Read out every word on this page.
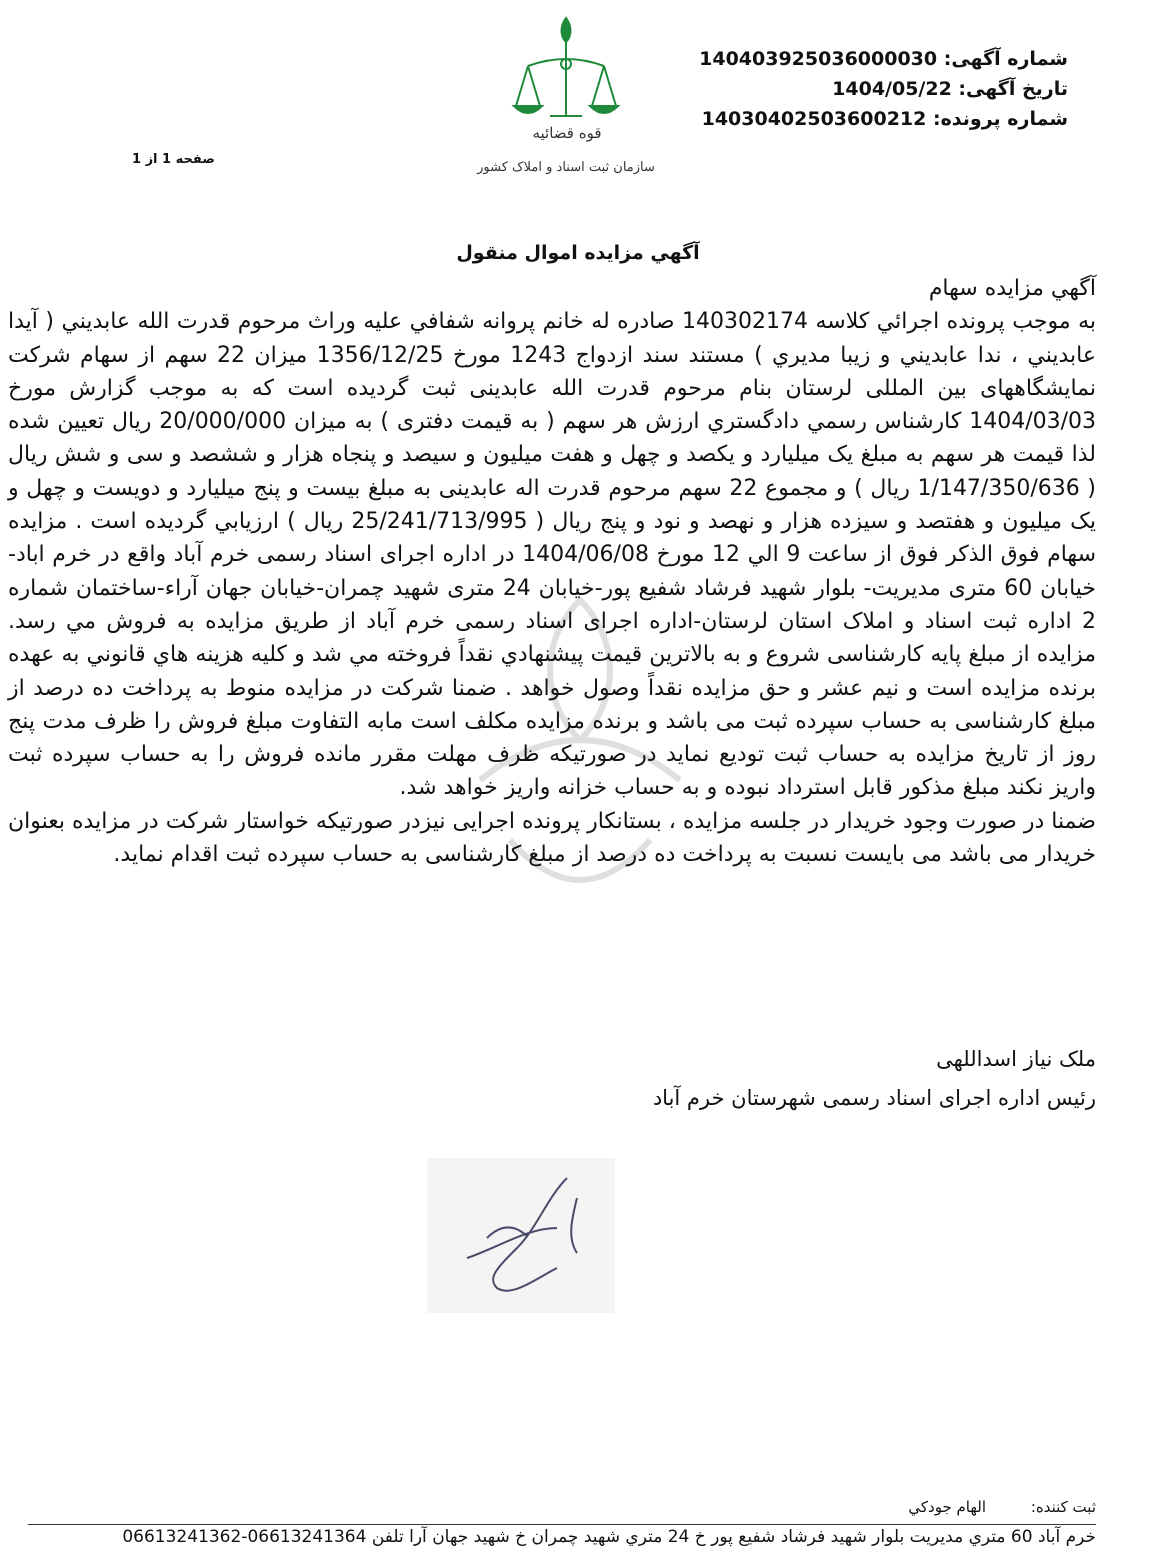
قوه قضائیه
سازمان ثبت اسناد و املاک کشور
شماره آگهی: 140403925036000030
تاریخ آگهی: 1404/05/22
شماره پرونده: 14030402503600212
صفحه 1 از 1
آگهي مزايده اموال منقول

آگهي مزايده سهام

به موجب پرونده اجرائي كلاسه 140302174 صادره له خانم پروانه شفافي عليه وراث مرحوم قدرت الله عابديني ( آيدا عابديني ، ندا عابديني و زيبا مديري ) مستند سند ازدواج 1243 مورخ 1356/12/25 ميزان 22 سهم از سهام شرکت نمایشگاههای بین المللی لرستان بنام مرحوم قدرت الله عابدینی ثبت گرديده است كه به موجب گزارش مورخ 1404/03/03 كارشناس رسمي دادگستري ارزش هر سهم ( به قیمت دفتری ) به ميزان 20/000/000 ريال تعيين شده لذا قیمت هر سهم به مبلغ یک میلیارد و یکصد و چهل و هفت میلیون و سیصد و پنجاه هزار و ششصد و سی و شش ریال ( 1/147/350/636 ريال ) و مجموع 22 سهم مرحوم قدرت اله عابدینی به مبلغ بیست و پنج میلیارد و دویست و چهل و یک میلیون و هفتصد و سیزده هزار و نهصد و نود و پنج ریال ( 25/241/713/995 ريال ) ارزيابي گرديده است . مزايده سهام فوق الذكر فوق از ساعت 9 الي 12 مورخ 1404/06/08 در اداره اجرای اسناد رسمی خرم آباد واقع در خرم اباد- خیابان 60 متری مدیریت- بلوار شهید فرشاد شفیع پور-خیابان 24 متری شهید چمران-خیابان جهان آراء-ساختمان شماره 2 اداره ثبت اسناد و املاک استان لرستان-اداره اجرای اسناد رسمی خرم آباد از طريق مزايده به فروش مي رسد. مزایده از مبلغ پایه کارشناسی شروع و به بالاترين قيمت پيشنهادي نقداً فروخته مي شد و كليه هزينه هاي قانوني به عهده برنده مزايده است و نیم عشر و حق مزايده نقداً وصول خواهد . ضمنا شرکت در مزایده منوط به پرداخت ده درصد از مبلغ کارشناسی به حساب سپرده ثبت می باشد و برنده مزایده مکلف است مابه التفاوت مبلغ فروش را ظرف مدت پنج روز از تاریخ مزایده به حساب ثبت تودیع نماید در صورتیکه ظرف مهلت مقرر مانده فروش را به حساب سپرده ثبت واریز نکند مبلغ مذکور قابل استرداد نبوده و به حساب خزانه واریز خواهد شد.

ضمنا در صورت وجود خریدار در جلسه مزایده ، بستانکار پرونده اجرایی نیزدر صورتیکه خواستار شرکت در مزایده بعنوان خریدار می باشد می بایست نسبت به پرداخت ده درصد از مبلغ کارشناسی به حساب سپرده ثبت اقدام نماید.

ملک نیاز اسداللهی
رئیس اداره اجرای اسناد رسمی شهرستان خرم آباد
ثبت کننده: الهام جودکي
خرم آباد 60 متري مديريت بلوار شهيد فرشاد شفيع پور خ 24 متري شهيد چمران خ شهيد جهان آرا تلفن 06613241364-06613241362
